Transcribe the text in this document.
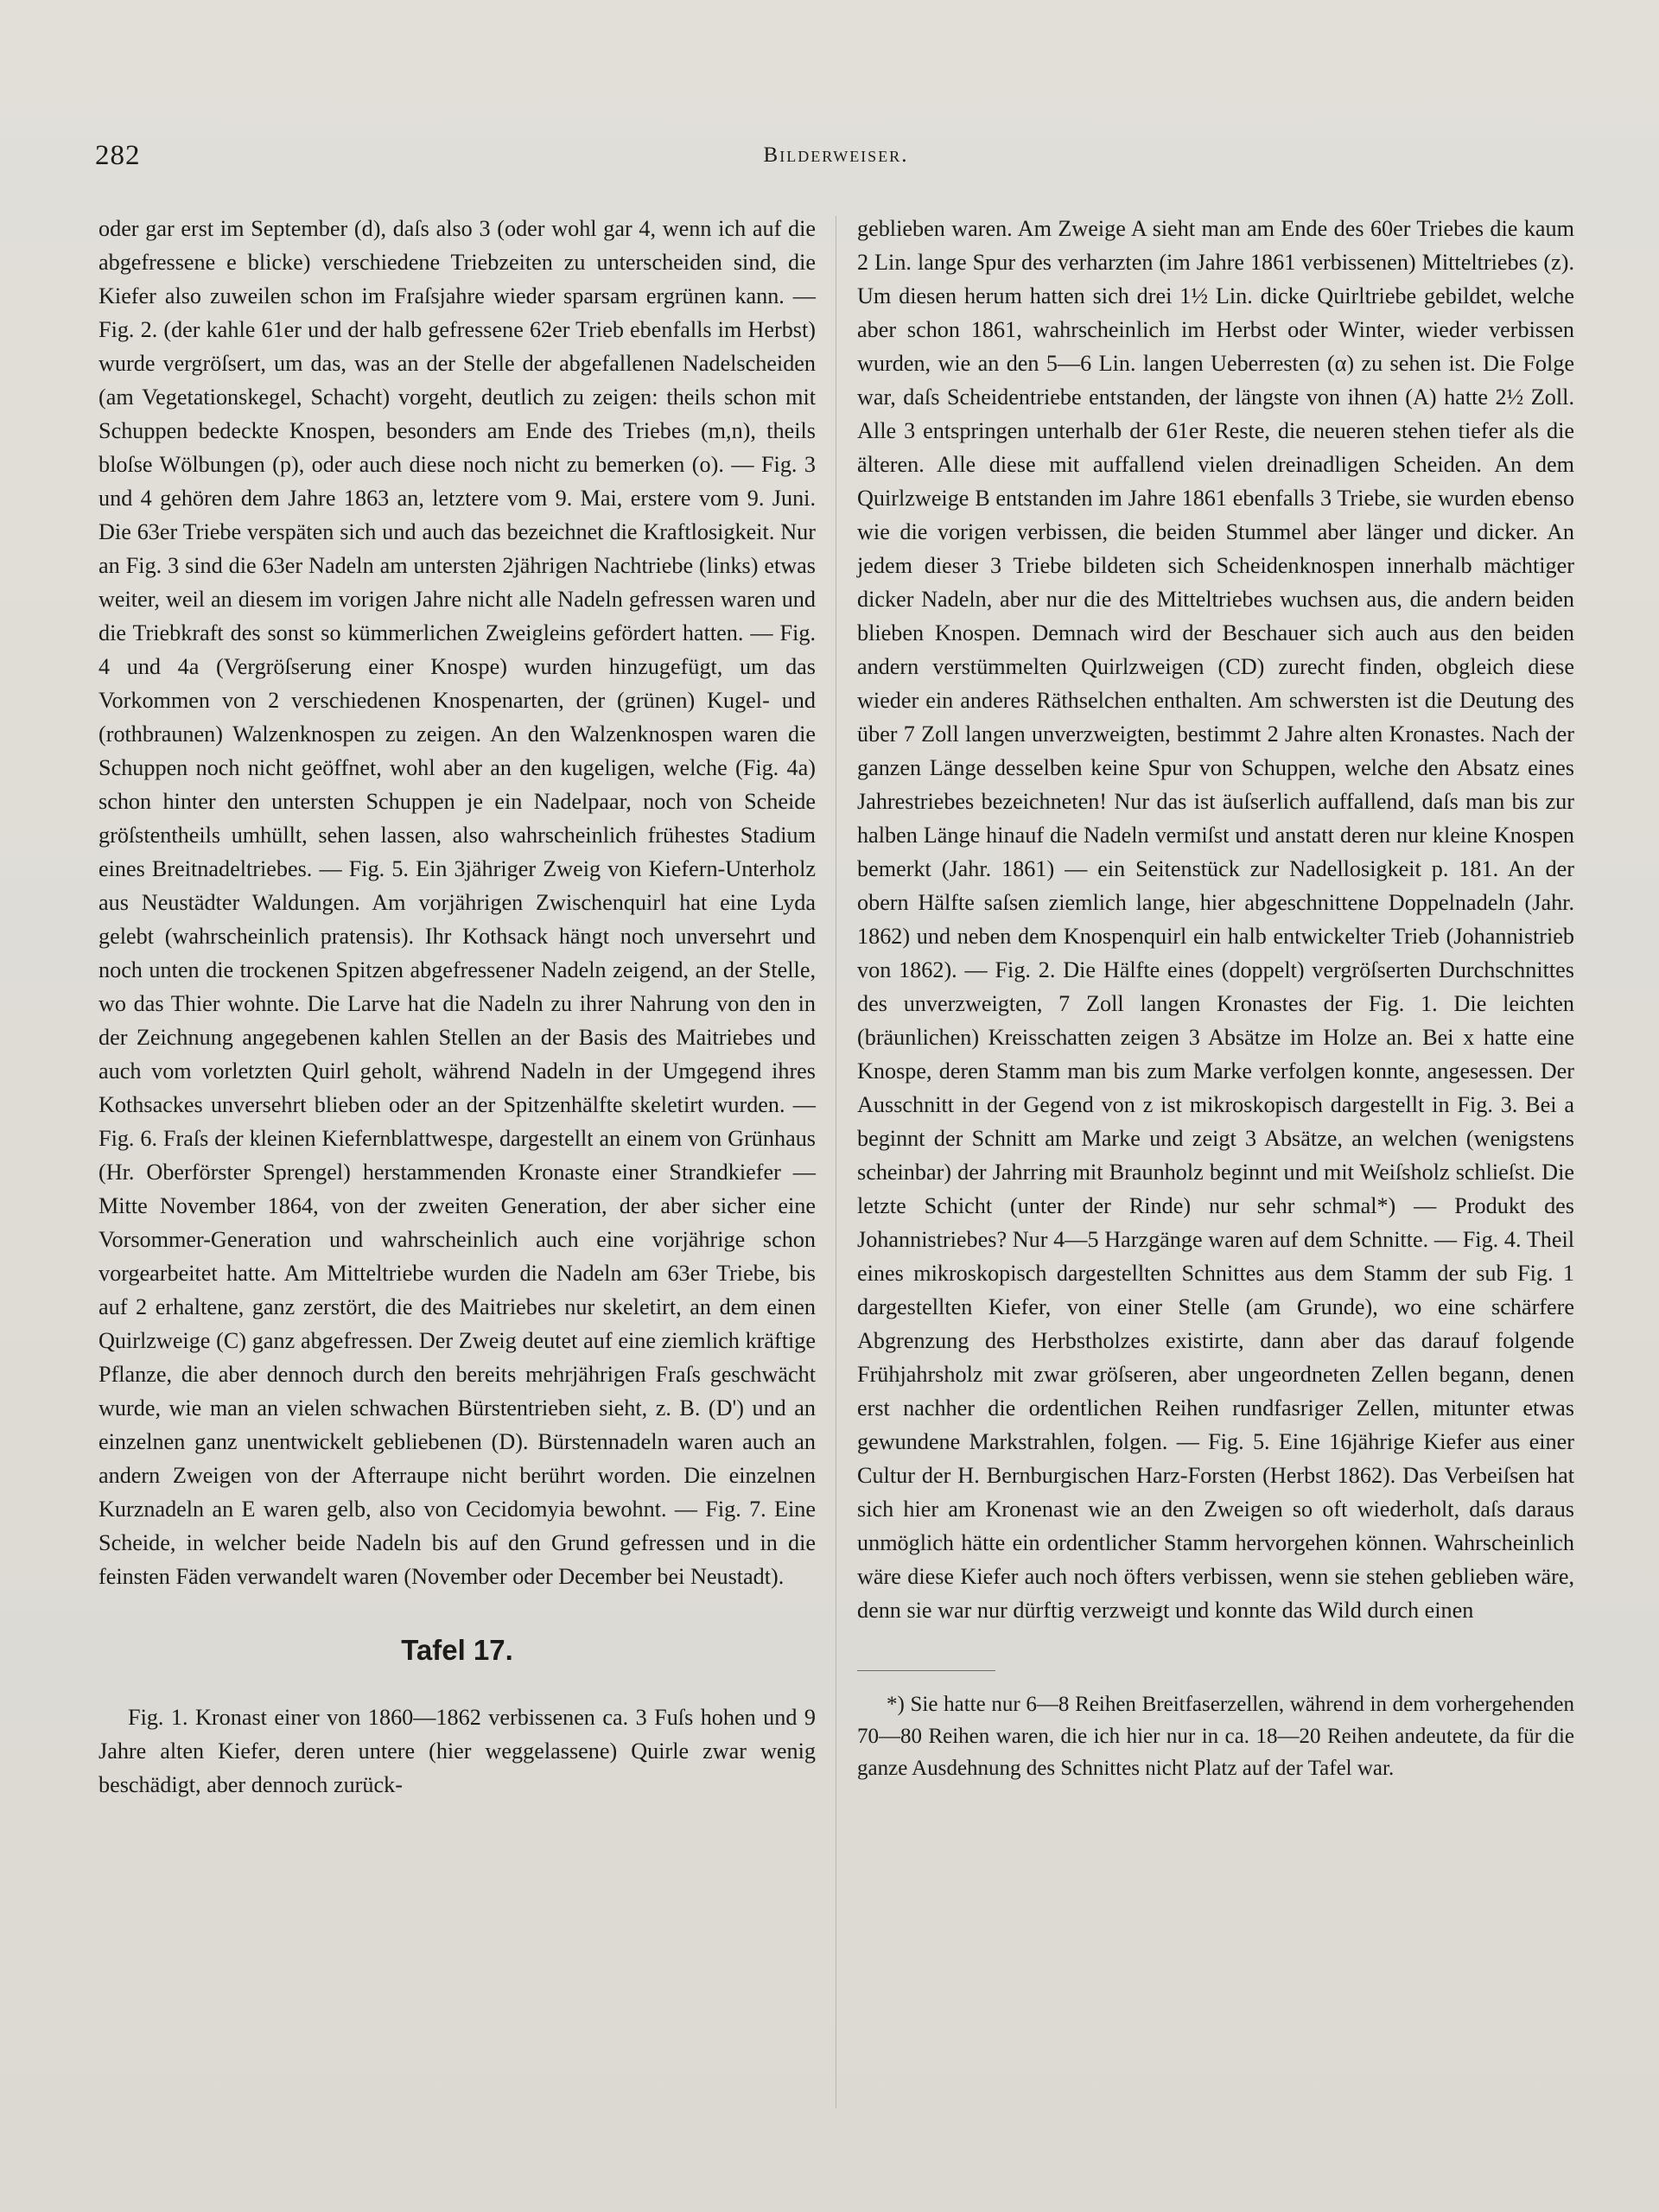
282	Bilderweiser.

oder gar erst im September (d), daſs also 3 (oder wohl gar 4, wenn ich auf die abgefressene e blicke) verschiedene Triebzeiten zu unterscheiden sind, die Kiefer also zuweilen schon im Fraſsjahre wieder sparsam ergrünen kann. — Fig. 2. (der kahle 61er und der halb gefressene 62er Trieb ebenfalls im Herbst) wurde vergröſsert, um das, was an der Stelle der abgefallenen Nadelscheiden (am Vegetationskegel, Schacht) vorgeht, deutlich zu zeigen: theils schon mit Schuppen bedeckte Knospen, besonders am Ende des Triebes (m,n), theils bloſse Wölbungen (p), oder auch diese noch nicht zu bemerken (o). — Fig. 3 und 4 gehören dem Jahre 1863 an, letztere vom 9. Mai, erstere vom 9. Juni. Die 63er Triebe verspäten sich und auch das bezeichnet die Kraftlosigkeit. Nur an Fig. 3 sind die 63er Nadeln am untersten 2jährigen Nachtriebe (links) etwas weiter, weil an diesem im vorigen Jahre nicht alle Nadeln gefressen waren und die Triebkraft des sonst so kümmerlichen Zweigleins gefördert hatten. — Fig. 4 und 4a (Vergröſserung einer Knospe) wurden hinzugefügt, um das Vorkommen von 2 verschiedenen Knospenarten, der (grünen) Kugel- und (rothbraunen) Walzenknospen zu zeigen. An den Walzenknospen waren die Schuppen noch nicht geöffnet, wohl aber an den kugeligen, welche (Fig. 4a) schon hinter den untersten Schuppen je ein Nadelpaar, noch von Scheide gröſstentheils umhüllt, sehen lassen, also wahrscheinlich frühestes Stadium eines Breitnadeltriebes. — Fig. 5. Ein 3jähriger Zweig von Kiefern-Unterholz aus Neustädter Waldungen. Am vorjährigen Zwischenquirl hat eine Lyda gelebt (wahrscheinlich pratensis). Ihr Kothsack hängt noch unversehrt und noch unten die trockenen Spitzen abgefressener Nadeln zeigend, an der Stelle, wo das Thier wohnte. Die Larve hat die Nadeln zu ihrer Nahrung von den in der Zeichnung angegebenen kahlen Stellen an der Basis des Maitriebes und auch vom vorletzten Quirl geholt, während Nadeln in der Umgegend ihres Kothsackes unversehrt blieben oder an der Spitzenhälfte skeletirt wurden. — Fig. 6. Fraſs der kleinen Kiefernblattwespe, dargestellt an einem von Grünhaus (Hr. Oberförster Sprengel) herstammenden Kronaste einer Strandkiefer — Mitte November 1864, von der zweiten Generation, der aber sicher eine Vorsommer-Generation und wahrscheinlich auch eine vorjährige schon vorgearbeitet hatte. Am Mitteltriebe wurden die Nadeln am 63er Triebe, bis auf 2 erhaltene, ganz zerstört, die des Maitriebes nur skeletirt, an dem einen Quirlzweige (C) ganz abgefressen. Der Zweig deutet auf eine ziemlich kräftige Pflanze, die aber dennoch durch den bereits mehrjährigen Fraſs geschwächt wurde, wie man an vielen schwachen Bürstentrieben sieht, z. B. (D') und an einzelnen ganz unentwickelt gebliebenen (D). Bürstennadeln waren auch an andern Zweigen von der Afterraupe nicht berührt worden. Die einzelnen Kurznadeln an E waren gelb, also von Cecidomyia bewohnt. — Fig. 7. Eine Scheide, in welcher beide Nadeln bis auf den Grund gefressen und in die feinsten Fäden verwandelt waren (November oder December bei Neustadt).

Tafel 17.

Fig. 1. Kronast einer von 1860—1862 verbissenen ca. 3 Fuſs hohen und 9 Jahre alten Kiefer, deren untere (hier weggelassene) Quirle zwar wenig beschädigt, aber dennoch zurück-

geblieben waren. Am Zweige A sieht man am Ende des 60er Triebes die kaum 2 Lin. lange Spur des verharzten (im Jahre 1861 verbissenen) Mitteltriebes (z). Um diesen herum hatten sich drei 1½ Lin. dicke Quirltriebe gebildet, welche aber schon 1861, wahrscheinlich im Herbst oder Winter, wieder verbissen wurden, wie an den 5—6 Lin. langen Ueberresten (α) zu sehen ist. Die Folge war, daſs Scheidentriebe entstanden, der längste von ihnen (A) hatte 2½ Zoll. Alle 3 entspringen unterhalb der 61er Reste, die neueren stehen tiefer als die älteren. Alle diese mit auffallend vielen dreinadligen Scheiden. An dem Quirlzweige B entstanden im Jahre 1861 ebenfalls 3 Triebe, sie wurden ebenso wie die vorigen verbissen, die beiden Stummel aber länger und dicker. An jedem dieser 3 Triebe bildeten sich Scheidenknospen innerhalb mächtiger dicker Nadeln, aber nur die des Mitteltriebes wuchsen aus, die andern beiden blieben Knospen. Demnach wird der Beschauer sich auch aus den beiden andern verstümmelten Quirlzweigen (CD) zurecht finden, obgleich diese wieder ein anderes Räthselchen enthalten. Am schwersten ist die Deutung des über 7 Zoll langen unverzweigten, bestimmt 2 Jahre alten Kronastes. Nach der ganzen Länge desselben keine Spur von Schuppen, welche den Absatz eines Jahrestriebes bezeichneten! Nur das ist äuſserlich auffallend, daſs man bis zur halben Länge hinauf die Nadeln vermiſst und anstatt deren nur kleine Knospen bemerkt (Jahr. 1861) — ein Seitenstück zur Nadellosigkeit p. 181. An der obern Hälfte saſsen ziemlich lange, hier abgeschnittene Doppelnadeln (Jahr. 1862) und neben dem Knospenquirl ein halb entwickelter Trieb (Johannistrieb von 1862). — Fig. 2. Die Hälfte eines (doppelt) vergröſserten Durchschnittes des unverzweigten, 7 Zoll langen Kronastes der Fig. 1. Die leichten (bräunlichen) Kreisschatten zeigen 3 Absätze im Holze an. Bei x hatte eine Knospe, deren Stamm man bis zum Marke verfolgen konnte, angesessen. Der Ausschnitt in der Gegend von z ist mikroskopisch dargestellt in Fig. 3. Bei a beginnt der Schnitt am Marke und zeigt 3 Absätze, an welchen (wenigstens scheinbar) der Jahrring mit Braunholz beginnt und mit Weiſsholz schlieſst. Die letzte Schicht (unter der Rinde) nur sehr schmal*) — Produkt des Johannistriebes? Nur 4—5 Harzgänge waren auf dem Schnitte. — Fig. 4. Theil eines mikroskopisch dargestellten Schnittes aus dem Stamm der sub Fig. 1 dargestellten Kiefer, von einer Stelle (am Grunde), wo eine schärfere Abgrenzung des Herbstholzes existirte, dann aber das darauf folgende Frühjahrsholz mit zwar gröſseren, aber ungeordneten Zellen begann, denen erst nachher die ordentlichen Reihen rundfasriger Zellen, mitunter etwas gewundene Markstrahlen, folgen. — Fig. 5. Eine 16jährige Kiefer aus einer Cultur der H. Bernburgischen Harz-Forsten (Herbst 1862). Das Verbeiſsen hat sich hier am Kronenast wie an den Zweigen so oft wiederholt, daſs daraus unmöglich hätte ein ordentlicher Stamm hervorgehen können. Wahrscheinlich wäre diese Kiefer auch noch öfters verbissen, wenn sie stehen geblieben wäre, denn sie war nur dürftig verzweigt und konnte das Wild durch einen

*) Sie hatte nur 6—8 Reihen Breitfaserzellen, während in dem vorhergehenden 70—80 Reihen waren, die ich hier nur in ca. 18—20 Reihen andeutete, da für die ganze Ausdehnung des Schnittes nicht Platz auf der Tafel war.
